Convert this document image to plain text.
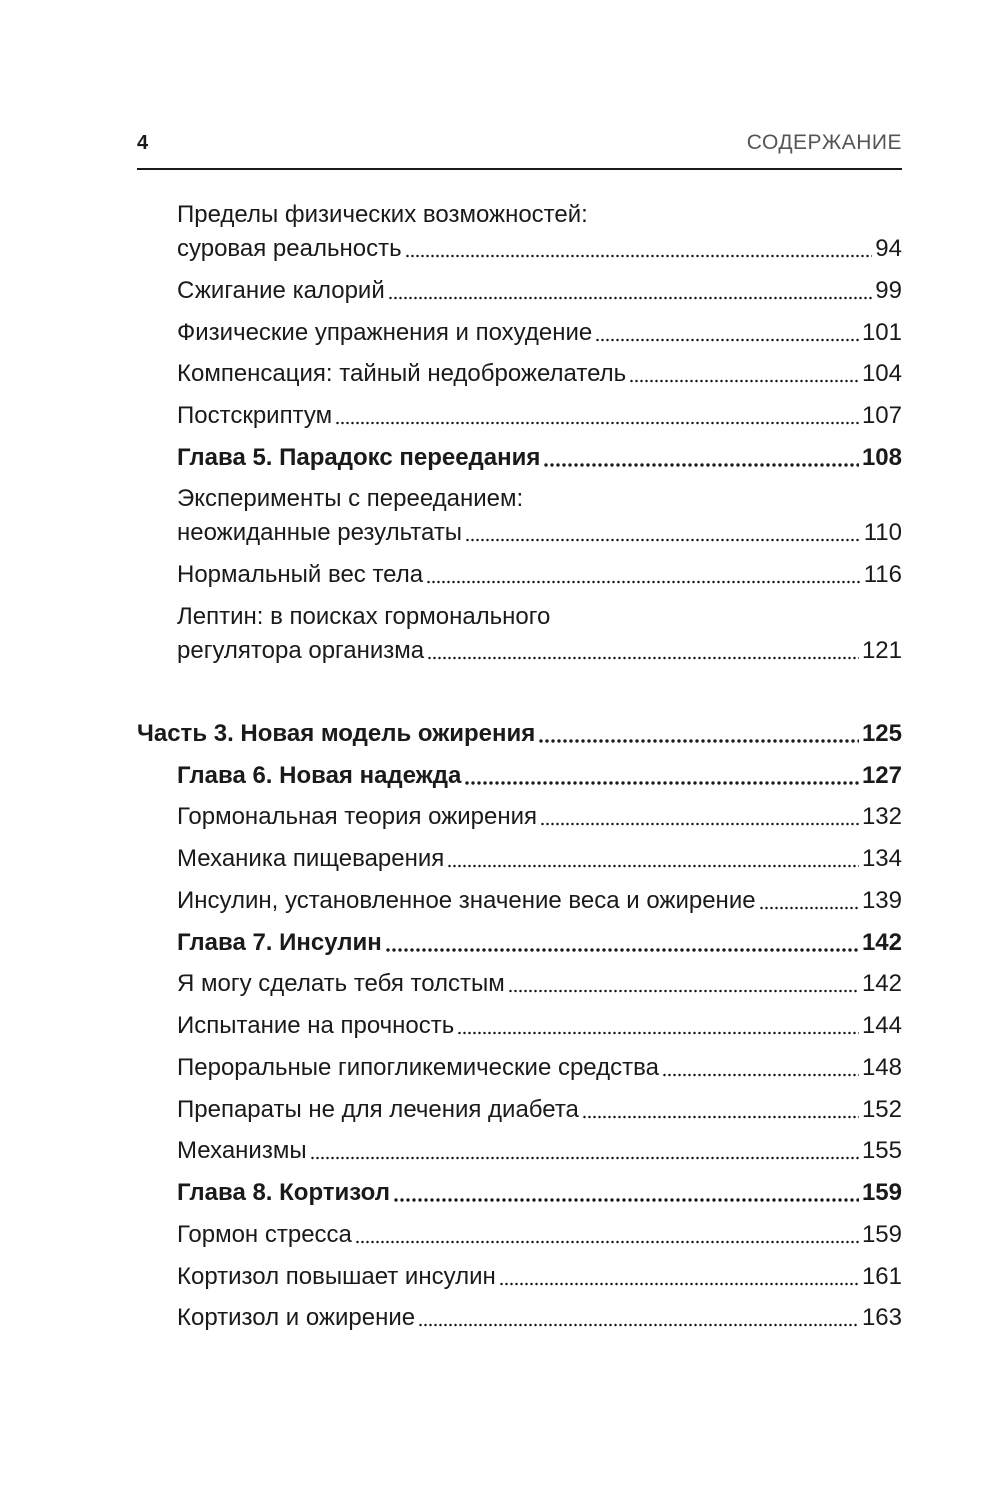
4	СОДЕРЖАНИЕ
Пределы физических возможностей:
суровая реальность	94
Сжигание калорий	99
Физические упражнения и похудение	101
Компенсация: тайный недоброжелатель	104
Постскриптум	107
Глава 5. Парадокс переедания	108
Эксперименты с перееданием:
неожиданные результаты	110
Нормальный вес тела	116
Лептин: в поисках гормонального
регулятора организма	121
Часть 3. Новая модель ожирения	125
Глава 6. Новая надежда	127
Гормональная теория ожирения	132
Механика пищеварения	134
Инсулин, установленное значение веса и ожирение	139
Глава 7. Инсулин	142
Я могу сделать тебя толстым	142
Испытание на прочность	144
Пероральные гипогликемические средства	148
Препараты не для лечения диабета	152
Механизмы	155
Глава 8. Кортизол	159
Гормон стресса	159
Кортизол повышает инсулин	161
Кортизол и ожирение	163
